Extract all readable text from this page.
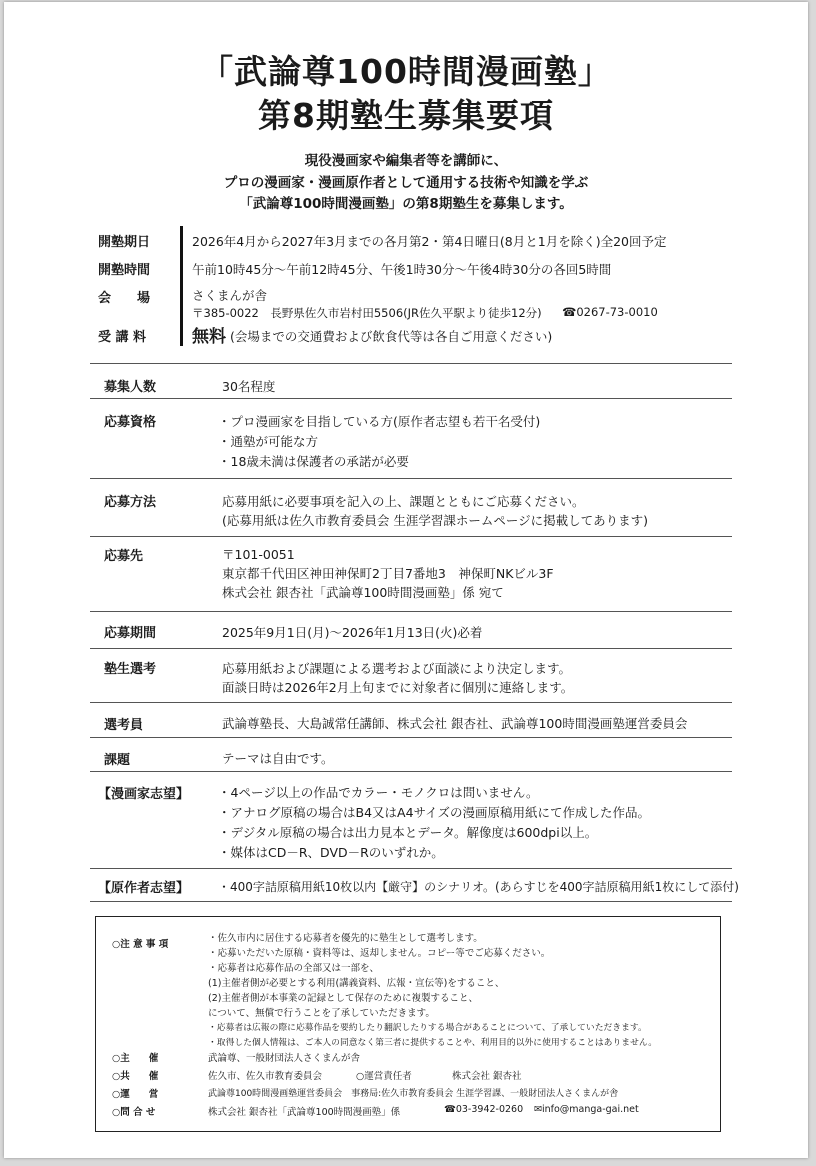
「武論尊100時間漫画塾」
第8期塾生募集要項
現役漫画家や編集者等を講師に、
プロの漫画家・漫画原作者として通用する技術や知識を学ぶ
「武論尊100時間漫画塾」の第8期塾生を募集します。
開塾期日	2026年4月から2027年3月までの各月第2・第4日曜日(8月と1月を除く)全20回予定
開塾時間	午前10時45分～午前12時45分、午後1時30分～午後4時30分の各回5時間
会　　場	さくまんが舎
〒385-0022　長野県佐久市岩村田5506(JR佐久平駅より徒歩12分) ☎0267-73-0010
受 講 料	無料 (会場までの交通費および飲食代等は各自ご用意ください)
募集人数	30名程度
応募資格	・プロ漫画家を目指している方(原作者志望も若干名受付)
・通塾が可能な方
・18歳未満は保護者の承諾が必要
応募方法	応募用紙に必要事項を記入の上、課題とともにご応募ください。
(応募用紙は佐久市教育委員会 生涯学習課ホームページに掲載してあります)
応募先	〒101-0051
東京都千代田区神田神保町2丁目7番地3　神保町NKビル3F
株式会社 銀杏社「武論尊100時間漫画塾」係 宛て
応募期間	2025年9月1日(月)～2026年1月13日(火)必着
塾生選考	応募用紙および課題による選考および面談により決定します。
面談日時は2026年2月上旬までに対象者に個別に連絡します。
選考員	武論尊塾長、大島誠常任講師、株式会社 銀杏社、武論尊100時間漫画塾運営委員会
課題	テーマは自由です。
【漫画家志望】 ・4ページ以上の作品でカラー・モノクロは問いません。
・アナログ原稿の場合はB4又はA4サイズの漫画原稿用紙にて作成した作品。
・デジタル原稿の場合は出力見本とデータ。解像度は600dpi以上。
・媒体はCD－R、DVD－Rのいずれか。
【原作者志望】 ・400字詰原稿用紙10枚以内【厳守】のシナリオ。(あらすじを400字詰原稿用紙1枚にして添付)
○注 意 事 項
・佐久市内に居住する応募者を優先的に塾生として選考します。
・応募いただいた原稿・資料等は、返却しません。コピー等でご応募ください。
・応募者は応募作品の全部又は一部を、
(1)主催者側が必要とする利用(講義資料、広報・宣伝等)をすること、
(2)主催者側が本事業の記録として保存のために複製すること、
について、無償で行うことを了承していただきます。
・応募者は広報の際に応募作品を要約したり翻訳したりする場合があることについて、了承していただきます。
・取得した個人情報は、ご本人の同意なく第三者に提供することや、利用目的以外に使用することはありません。
○主　　催	武論尊、一般財団法人さくまんが舎
○共　　催	佐久市、佐久市教育委員会	○運営責任者	株式会社 銀杏社
○運　　営	武論尊100時間漫画塾運営委員会　事務局:佐久市教育委員会 生涯学習課、一般財団法人さくまんが舎
○問 合 せ	株式会社 銀杏社「武論尊100時間漫画塾」係	☎03-3942-0260 ✉info@manga-gai.net
